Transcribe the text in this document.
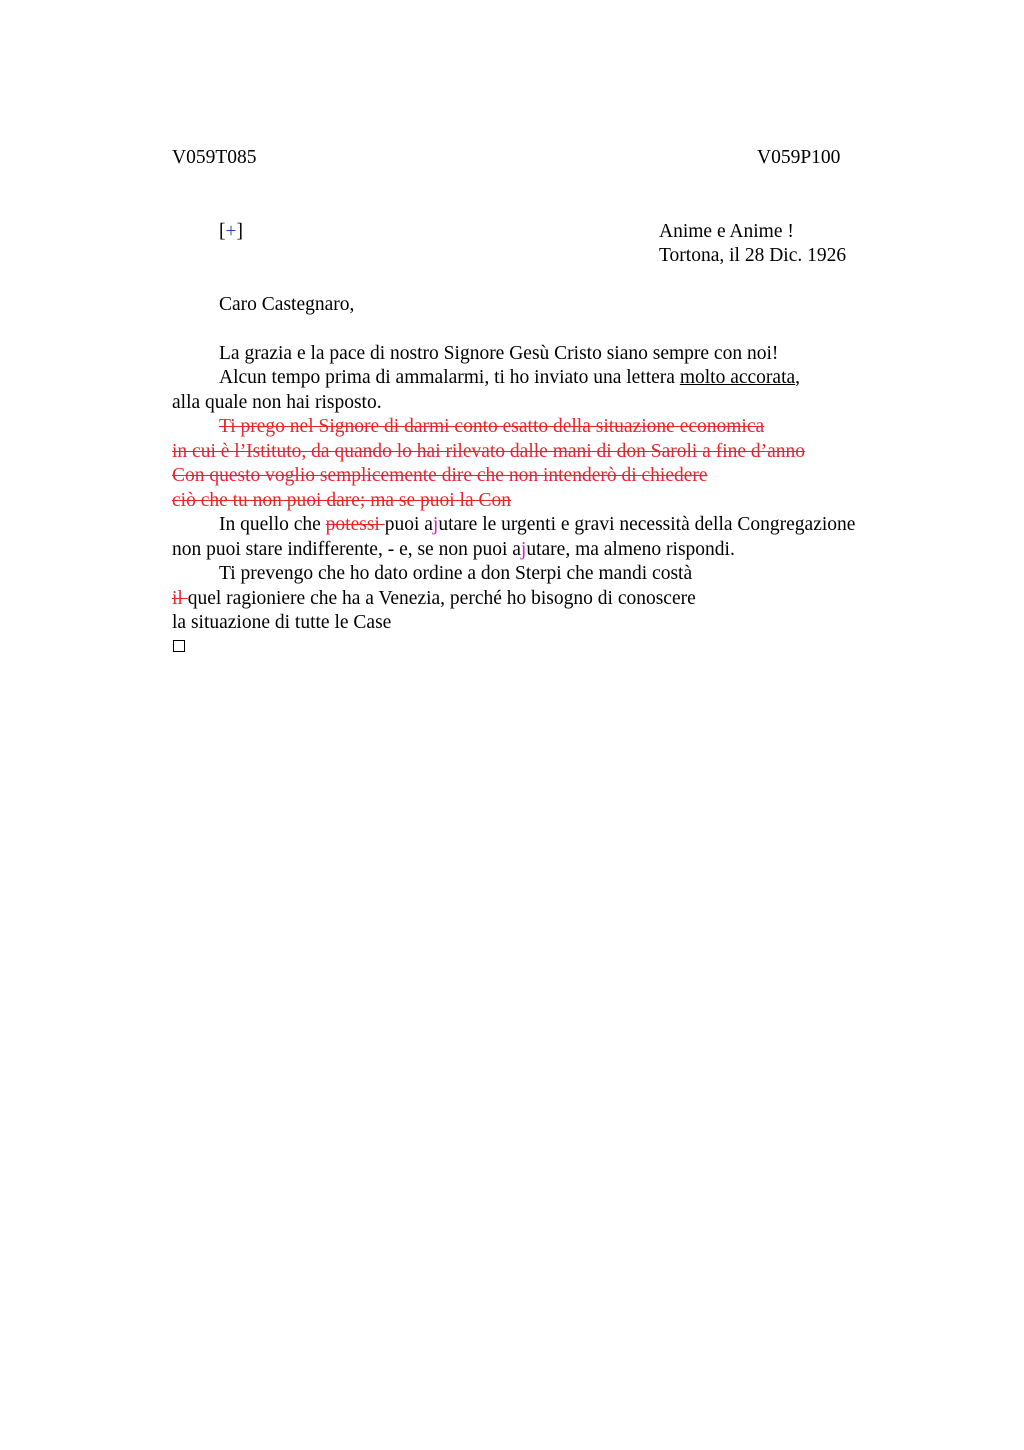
V059T085	V059P100
[+]	Anime e Anime !
Tortona, il 28 Dic. 1926
Caro Castegnaro,
La grazia e la pace di nostro Signore Gesù Cristo siano sempre con noi!
Alcun tempo prima di ammalarmi, ti ho inviato una lettera molto accorata,
alla quale non hai risposto.
Ti prego nel Signore di darmi conto esatto della situazione economica
in cui è l’Istituto, da quando lo hai rilevato dalle mani di don Saroli a fine d’anno
Con questo voglio semplicemente dire che non intenderò di chiedere
ciò che tu non puoi dare; ma se puoi la Con
In quello che potessi puoi ajutare le urgenti e gravi necessità della Congregazione
non puoi stare indifferente, - e, se non puoi ajutare, ma almeno rispondi.
Ti prevengo che ho dato ordine a don Sterpi che mandi costà
il quel ragioniere che ha a Venezia, perché ho bisogno di conoscere
la situazione di tutte le Case
